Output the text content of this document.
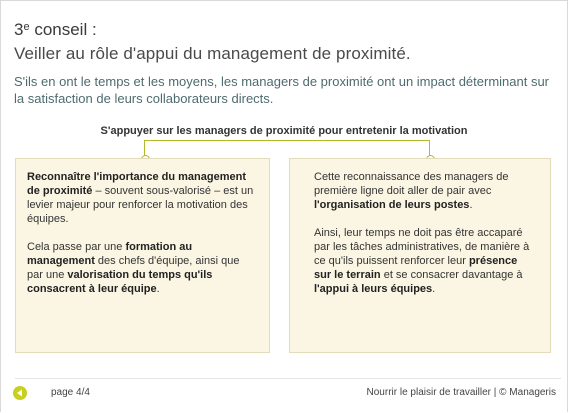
3e conseil :
Veiller au rôle d'appui du management de proximité.
S'ils en ont le temps et les moyens, les managers de proximité ont un impact déterminant sur la satisfaction de leurs collaborateurs directs.
S'appuyer sur les managers de proximité pour entretenir la motivation

Reconnaître l'importance du management de proximité – souvent sous-valorisé – est un levier majeur pour renforcer la motivation des équipes.

Cela passe par une formation au management des chefs d'équipe, ainsi que par une valorisation du temps qu'ils consacrent à leur équipe.

Cette reconnaissance des managers de première ligne doit aller de pair avec l'organisation de leurs postes.

Ainsi, leur temps ne doit pas être accaparé par les tâches administratives, de manière à ce qu'ils puissent renforcer leur présence sur le terrain et se consacrer davantage à l'appui à leurs équipes.

page 4/4	Nourrir le plaisir de travailler | © Manageris
